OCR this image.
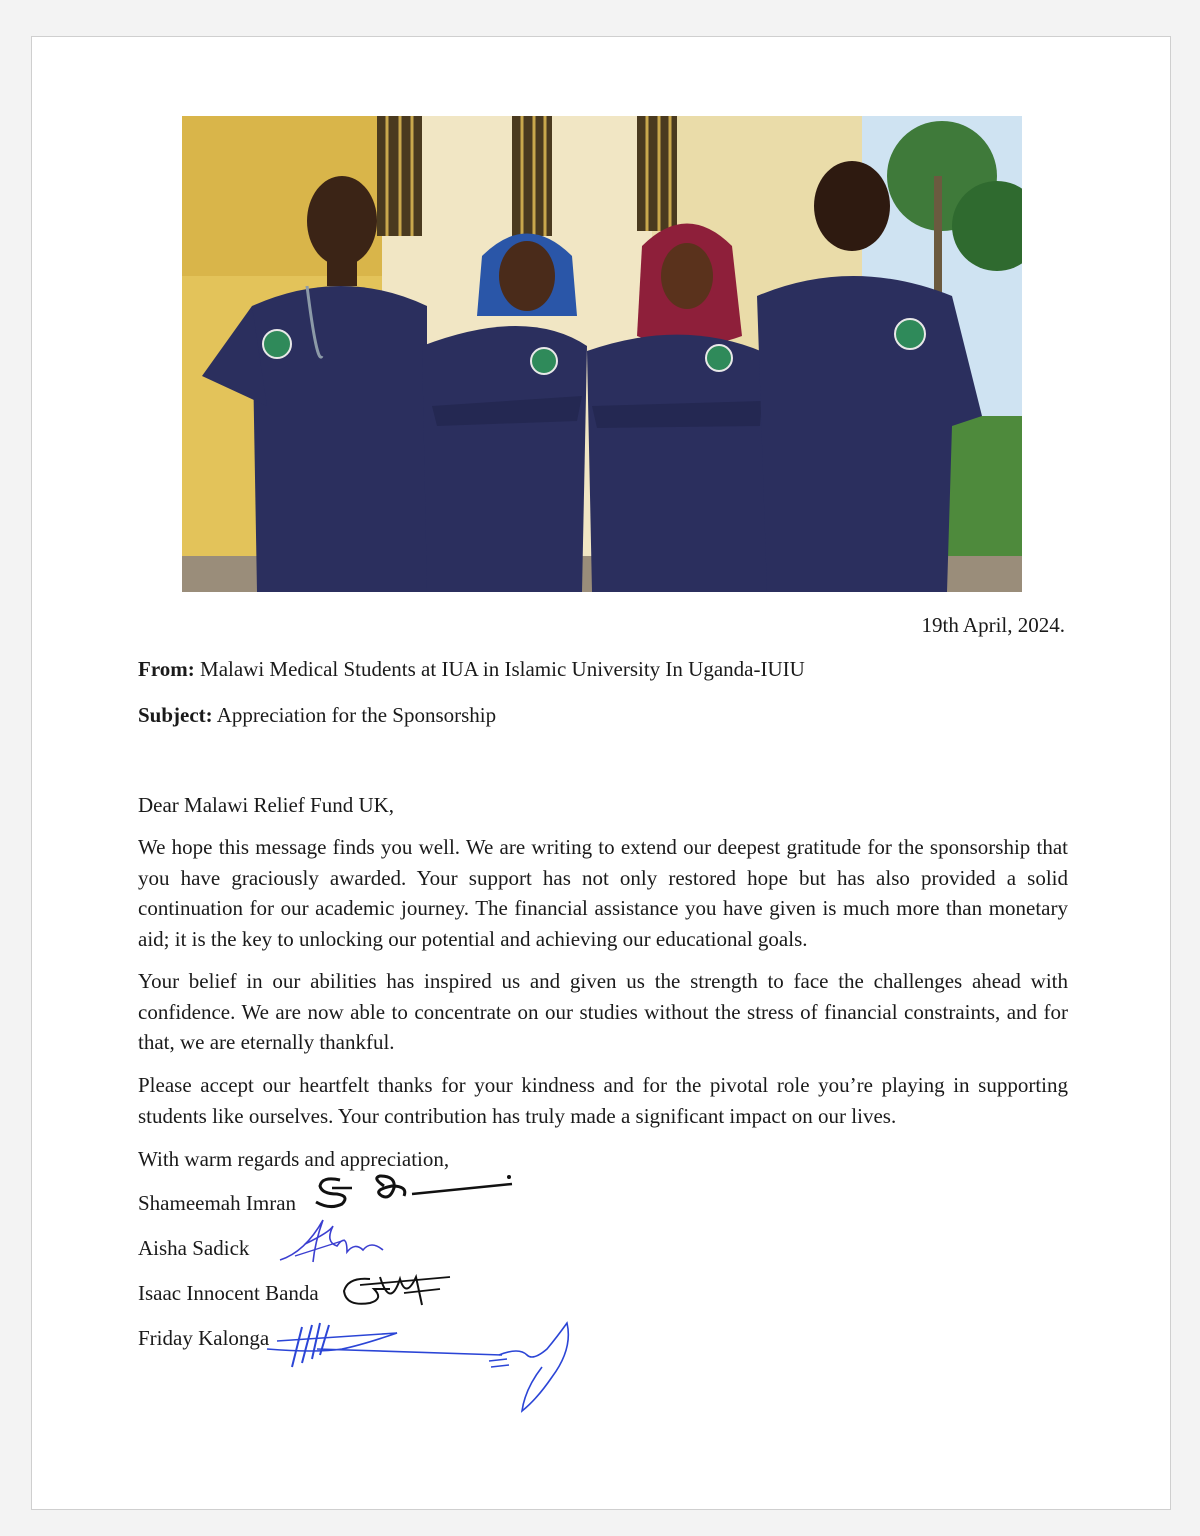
19th April, 2024.
From: Malawi Medical Students at IUA in Islamic University In Uganda-IUIU
Subject: Appreciation for the Sponsorship
Dear Malawi Relief Fund UK,
We hope this message finds you well. We are writing to extend our deepest gratitude for the sponsorship that you have graciously awarded. Your support has not only restored hope but has also provided a solid continuation for our academic journey. The financial assistance you have given is much more than monetary aid; it is the key to unlocking our potential and achieving our educational goals.
Your belief in our abilities has inspired us and given us the strength to face the challenges ahead with confidence. We are now able to concentrate on our studies without the stress of financial constraints, and for that, we are eternally thankful.
Please accept our heartfelt thanks for your kindness and for the pivotal role you’re playing in supporting students like ourselves. Your contribution has truly made a significant impact on our lives.
With warm regards and appreciation,
Shameemah Imran
Aisha Sadick
Isaac Innocent Banda
Friday Kalonga
